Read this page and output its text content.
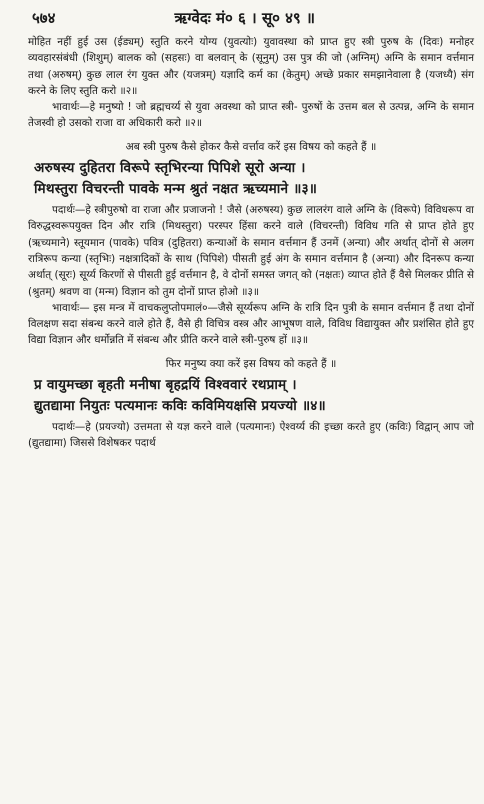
५७४	ऋग्वेदः मं० ६ । सू० ४९ ॥

मोहित नहीं हुई उस (ईड्यम्) स्तुति करने योग्य (युवत्योः) युवावस्था को प्राप्त हुए स्त्री पुरुष के (दिवः) मनोहर व्यवहारसंबंधी (शिशुम्) बालक को (सहसः) वा बलवान् के (सूनुम्) उस पुत्र की जो (अग्निम्) अग्नि के समान वर्त्तमान तथा (अरुषम्) कुछ लाल रंग युक्त और (यजत्रम्) यज्ञादि कर्म का (केतुम्) अच्छे प्रकार समझानेवाला है (यजध्यै) संग करने के लिए स्तुति करो ॥२॥

भावार्थः—हे मनुष्यो ! जो ब्रह्मचर्य्य से युवा अवस्था को प्राप्त स्त्री- पुरुषों के उत्तम बल से उत्पन्न, अग्नि के समान तेजस्वी हो उसको राजा वा अधिकारी करो ॥२॥

अब स्त्री पुरुष कैसे होकर कैसे वर्त्ताव करें इस विषय को कहते हैं ॥
अरुषस्य दुहितरा विरूपे स्तृभिरन्या पिपिशे सूरो अन्या ।
मिथस्तुरा विचरन्ती पावके मन्म श्रुतं नक्षत ऋच्यमाने ॥३॥

पदार्थः—हे स्त्रीपुरुषो वा राजा और प्रजाजनो ! जैसे (अरुषस्य) कुछ लालरंग वाले अग्नि के (विरूपे) विविधरूप वा विरुद्धस्वरूपयुक्त दिन और रात्रि (मिथस्तुरा) परस्पर हिंसा करने वाले (विचरन्ती) विविध गति से प्राप्त होते हुए (ऋच्यमाने) स्तूयमान (पावके) पवित्र (दुहितरा) कन्याओं के समान वर्त्तमान हैं उनमें (अन्या) और अर्थात् दोनों से अलग रात्रिरूप कन्या (स्तृभिः) नक्षत्रादिकों के साथ (पिपिशे) पीसती हुई अंग के समान वर्त्तमान है (अन्या) और दिनरूप कन्या अर्थात् (सूरः) सूर्य्य किरणों से पीसती हुई वर्त्तमान है, वे दोनों समस्त जगत् को (नक्षतः) व्याप्त होते हैं वैसे मिलकर प्रीति से (श्रुतम्) श्रवण वा (मन्म) विज्ञान को तुम दोनों प्राप्त होओ ॥३॥

भावार्थः— इस मन्त्र में वाचकलुप्तोपमालं०—जैसे सूर्य्यरूप अग्नि के रात्रि दिन पुत्री के समान वर्त्तमान हैं तथा दोनों विलक्षण सदा संबन्ध करने वाले होते हैं, वैसे ही विचित्र वस्त्र और आभूषण वाले, विविध विद्यायुक्त और प्रशंसित होते हुए विद्या विज्ञान और धर्मोन्नति में संबन्ध और प्रीति करने वाले स्त्री-पुरुष हों ॥३॥

फिर मनुष्य क्या करें इस विषय को कहते हैं ॥
प्र वायुमच्छा बृहती मनीषा बृहद्रयिं विश्ववारं रथप्राम् ।
द्युतद्यामा नियुतः पत्यमानः कविः कविमियक्षसि प्रयज्यो ॥४॥

पदार्थः—हे (प्रयज्यो) उत्तमता से यज्ञ करने वाले (पत्यमानः) ऐश्वर्य्य की इच्छा करते हुए (कविः) विद्वान् आप जो (द्युतद्यामा) जिससे विशेषकर पदार्थ
